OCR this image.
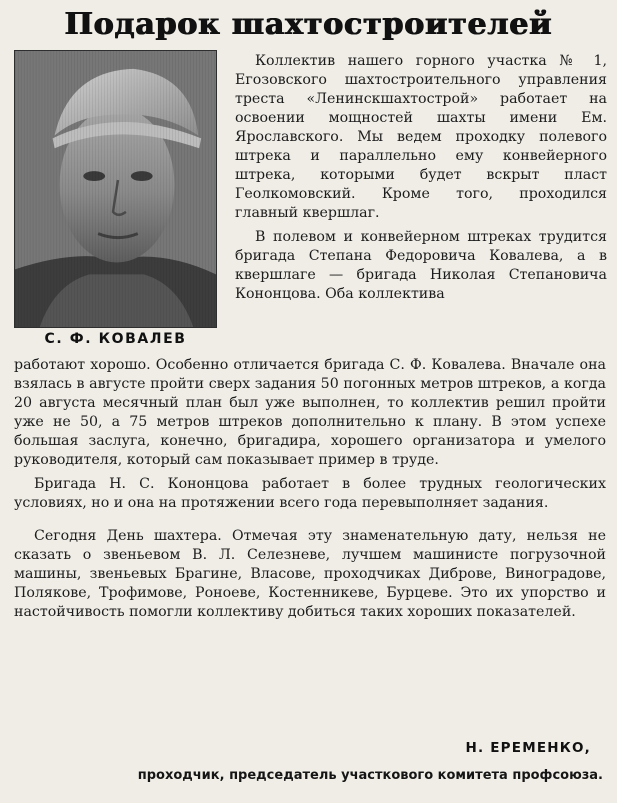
Подарок шахтостроителей
С. Ф. КОВАЛЕВ

Коллектив нашего горного участка № 1, Егозовского шахтостроительного управления треста «Ленинскшахтострой» работает на освоении мощностей шахты имени Ем. Ярославского. Мы ведем проходку полевого штрека и параллельно ему конвейерного штрека, которыми будет вскрыт пласт Геолкомовский. Кроме того, проходился главный квершлаг.

В полевом и конвейерном штреках трудится бригада Степана Федоровича Ковалева, а в квершлаге — бригада Николая Степановича Кононцова. Оба коллектива

работают хорошо. Особенно отличается бригада С. Ф. Ковалева. Вначале она взялась в августе пройти сверх задания 50 погонных метров штреков, а когда 20 августа месячный план был уже выполнен, то коллектив решил пройти уже не 50, а 75 метров штреков дополнительно к плану. В этом успехе большая заслуга, конечно, бригадира, хорошего организатора и умелого руководителя, который сам показывает пример в труде.

Бригада Н. С. Кононцова работает в более трудных геологических условиях, но и она на протяжении всего года перевыполняет задания.

Сегодня День шахтера. Отмечая эту знаменательную дату, нельзя не сказать о звеньевом В. Л. Селезневе, лучшем машинисте погрузочной машины, звеньевых Брагине, Власове, проходчиках Диброве, Виноградове, Полякове, Трофимове, Роноеве, Костенникеве, Бурцеве. Это их упорство и настойчивость помогли коллективу добиться таких хороших показателей.

Н. ЕРЕМЕНКО,
проходчик, председатель участкового комитета профсоюза.
